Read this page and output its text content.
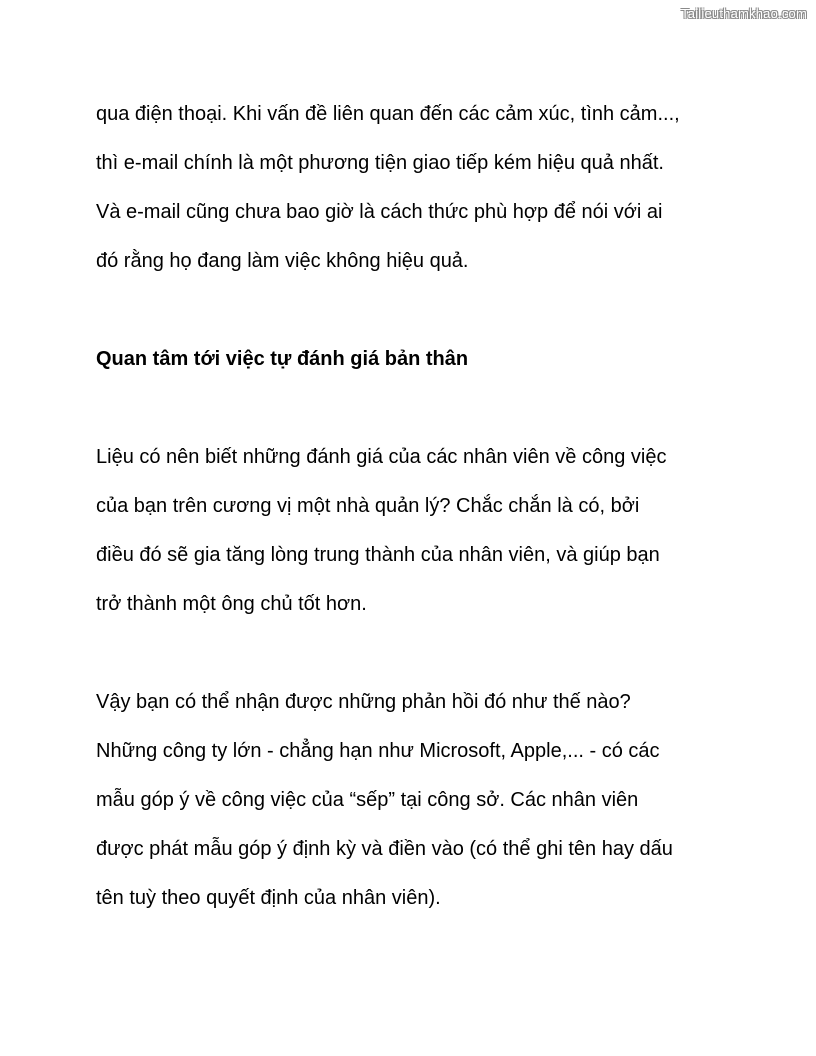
Tailieuthamkhao.com
qua điện thoại. Khi vấn đề liên quan đến các cảm xúc, tình cảm...,
thì e-mail chính là một phương tiện giao tiếp kém hiệu quả nhất.
Và e-mail cũng chưa bao giờ là cách thức phù hợp để nói với ai
đó rằng họ đang làm việc không hiệu quả.
Quan tâm tới việc tự đánh giá bản thân
Liệu có nên biết những đánh giá của các nhân viên về công việc
của bạn trên cương vị một nhà quản lý? Chắc chắn là có, bởi
điều đó sẽ gia tăng lòng trung thành của nhân viên, và giúp bạn
trở thành một ông chủ tốt hơn.
Vậy bạn có thể nhận được những phản hồi đó như thế nào?
Những công ty lớn - chẳng hạn như Microsoft, Apple,... - có các
mẫu góp ý về công việc của “sếp” tại công sở. Các nhân viên
được phát mẫu góp ý định kỳ và điền vào (có thể ghi tên hay dấu
tên tuỳ theo quyết định của nhân viên).
